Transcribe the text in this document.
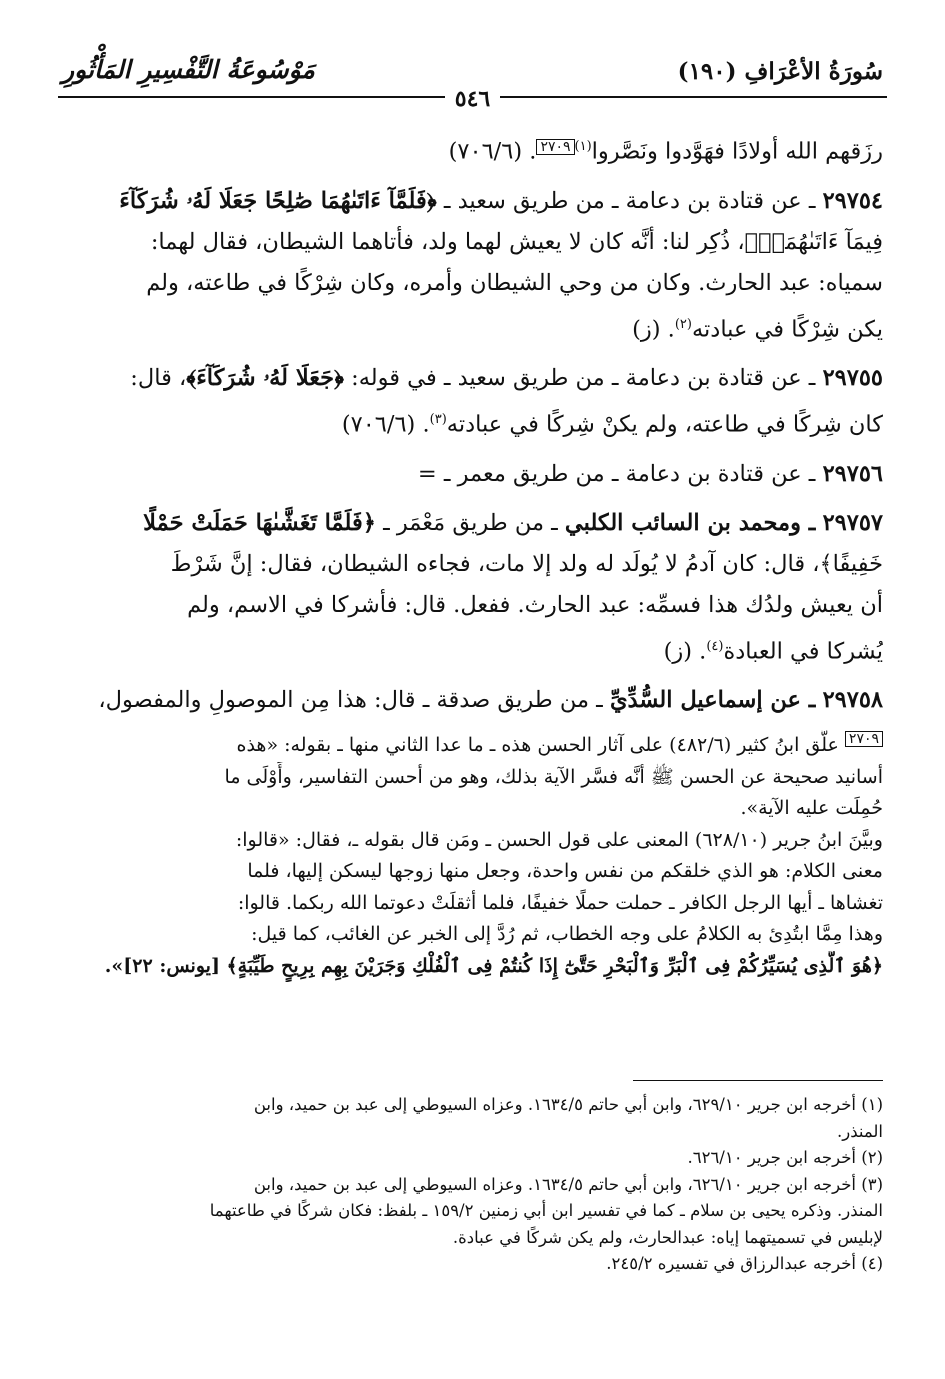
سُورَةُ الأعْرَافِ (١٩٠)
مَوْسُوعَةُ التَّفْسِيرِ المَأْثُورِ
٥٤٦
رزَقهم الله أولادًا فهَوَّدوا ونَصَّروا$^{(١)}$٢٧٠٩. (٧٠٦/٦)
٢٩٧٥٤ ـ عن قتادة بن دعامة ـ من طريق سعيد ـ ﴿فَلَمَّآ ءَاتَىٰهُمَا صَٰلِحًا جَعَلَا لَهُۥ شُرَكَآءَ
فِيمَآ ءَاتَىٰهُمَاۚ﴾، ذُكِر لنا: أنَّه كان لا يعيش لهما ولد، فأتاهما الشيطان، فقال لهما:
سمياه: عبد الحارث. وكان من وحي الشيطان وأمره، وكان شِرْكًا في طاعته، ولم
يكن شِرْكًا في عبادته$^{(٢)}$. (ز)
٢٩٧٥٥ ـ عن قتادة بن دعامة ـ من طريق سعيد ـ في قوله: ﴿جَعَلَا لَهُۥ شُرَكَآءَ﴾، قال:
كان شِركًا في طاعته، ولم يكنْ شِركًا في عبادته$^{(٣)}$. (٧٠٦/٦)
٢٩٧٥٦ ـ عن قتادة بن دعامة ـ من طريق معمر ـ =
٢٩٧٥٧ ـ ومحمد بن السائب الكلبي ـ من طريق مَعْمَر ـ ﴿فَلَمَّا تَغَشَّىٰهَا حَمَلَتْ حَمْلًا
خَفِيفًا﴾، قال: كان آدمُ لا يُولَد له ولد إلا مات، فجاءه الشيطان، فقال: إنَّ شَرْطَ
أن يعيش ولدُك هذا فسمِّه: عبد الحارث. ففعل. قال: فأشركا في الاسم، ولم
يُشركا في العبادة$^{(٤)}$. (ز)
٢٩٧٥٨ ـ عن إسماعيل السُّدِّيِّ ـ من طريق صدقة ـ قال: هذا مِن الموصولِ والمفصول،
٢٧٠٩ علَّق ابنُ كثير (٤٨٢/٦) على آثار الحسن هذه ـ ما عدا الثاني منها ـ بقوله: «هذه
أسانيد صحيحة عن الحسن ﷺ أنَّه فسَّر الآية بذلك، وهو من أحسن التفاسير، وأَوْلَى ما
حُمِلَت عليه الآية».
وبيَّنَ ابنُ جرير (٦٢٨/١٠) المعنى على قول الحسن ـ ومَن قال بقوله ـ، فقال: «قالوا:
معنى الكلام: هو الذي خلقكم من نفس واحدة، وجعل منها زوجها ليسكن إليها، فلما
تغشاها ـ أيها الرجل الكافر ـ حملت حملًا خفيفًا، فلما أثقلَتْ دعوتما الله ربكما. قالوا:
وهذا مِمَّا ابتُدِئ به الكلامُ على وجه الخطاب، ثم رُدَّ إلى الخبر عن الغائب، كما قيل:
﴿هُوَ ٱلَّذِى يُسَيِّرُكُمْ فِى ٱلْبَرِّ وَٱلْبَحْرِ حَتَّىٰٓ إِذَا كُنتُمْ فِى ٱلْفُلْكِ وَجَرَيْنَ بِهِم بِرِيحٍ طَيِّبَةٍ﴾ [يونس: ٢٢]».
(١) أخرجه ابن جرير ٦٢٩/١٠، وابن أبي حاتم ١٦٣٤/٥. وعزاه السيوطي إلى عبد بن حميد، وابن
المنذر.
(٢) أخرجه ابن جرير ٦٢٦/١٠.
(٣) أخرجه ابن جرير ٦٢٦/١٠، وابن أبي حاتم ١٦٣٤/٥. وعزاه السيوطي إلى عبد بن حميد، وابن
المنذر. وذكره يحيى بن سلام ـ كما في تفسير ابن أبي زمنين ١٥٩/٢ ـ بلفظ: فكان شركًا في طاعتهما
لإبليس في تسميتهما إياه: عبدالحارث، ولم يكن شركًا في عبادة.
(٤) أخرجه عبدالرزاق في تفسيره ٢٤٥/٢.
